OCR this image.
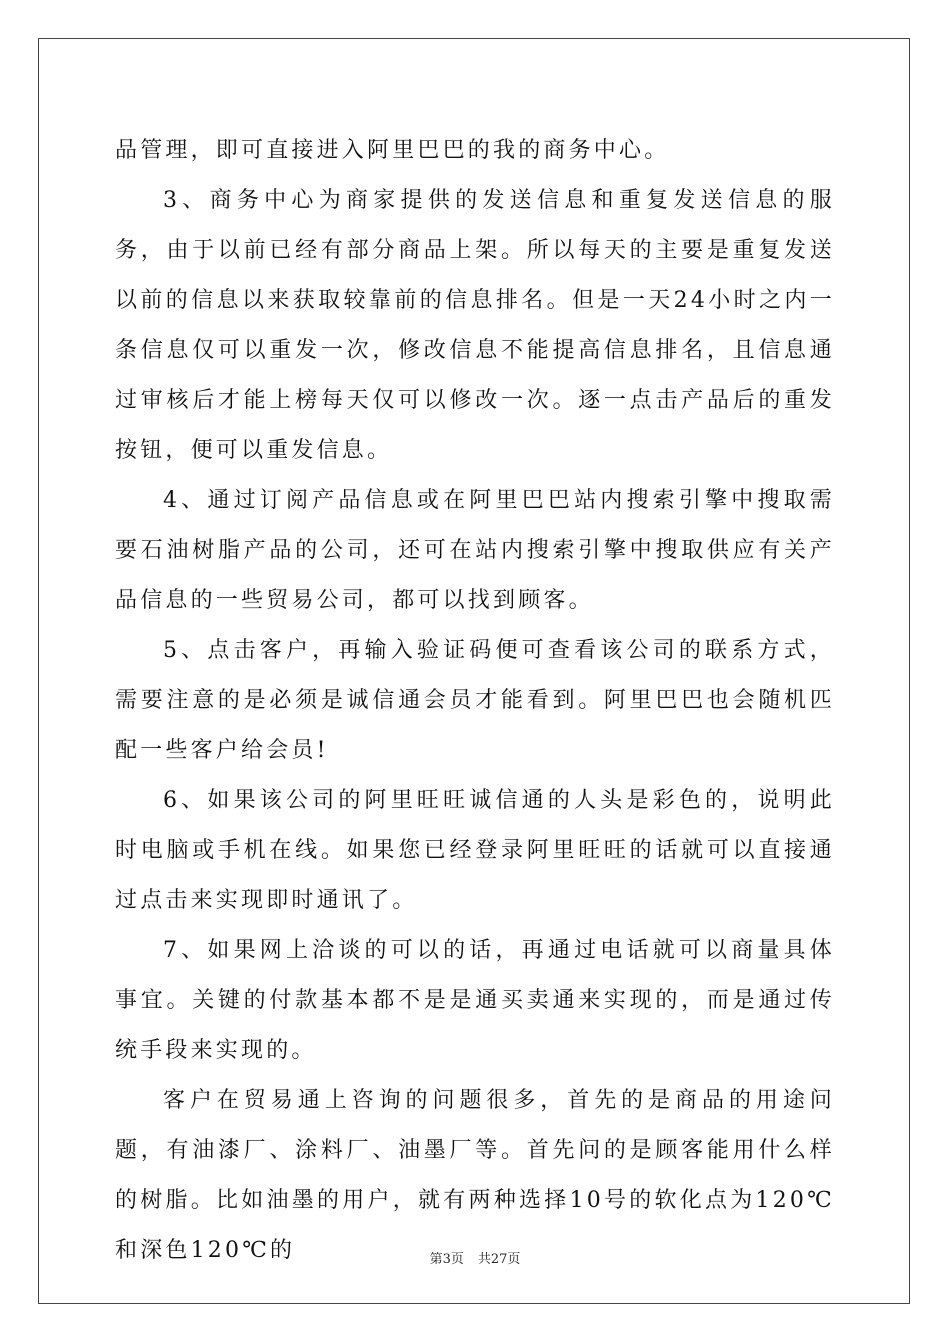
品管理，即可直接进入阿里巴巴的我的商务中心。

3、商务中心为商家提供的发送信息和重复发送信息的服务，由于以前已经有部分商品上架。所以每天的主要是重复发送以前的信息以来获取较靠前的信息排名。但是一天24小时之内一条信息仅可以重发一次，修改信息不能提高信息排名，且信息通过审核后才能上榜每天仅可以修改一次。逐一点击产品后的重发按钮，便可以重发信息。

4、通过订阅产品信息或在阿里巴巴站内搜索引擎中搜取需要石油树脂产品的公司，还可在站内搜索引擎中搜取供应有关产品信息的一些贸易公司，都可以找到顾客。

5、点击客户，再输入验证码便可查看该公司的联系方式，需要注意的是必须是诚信通会员才能看到。阿里巴巴也会随机匹配一些客户给会员!

6、如果该公司的阿里旺旺诚信通的人头是彩色的，说明此时电脑或手机在线。如果您已经登录阿里旺旺的话就可以直接通过点击来实现即时通讯了。

7、如果网上洽谈的可以的话，再通过电话就可以商量具体事宜。关键的付款基本都不是是通买卖通来实现的，而是通过传统手段来实现的。

客户在贸易通上咨询的问题很多，首先的是商品的用途问题，有油漆厂、涂料厂、油墨厂等。首先问的是顾客能用什么样的树脂。比如油墨的用户，就有两种选择10号的软化点为120℃和深色120℃的	第3页 共27页
